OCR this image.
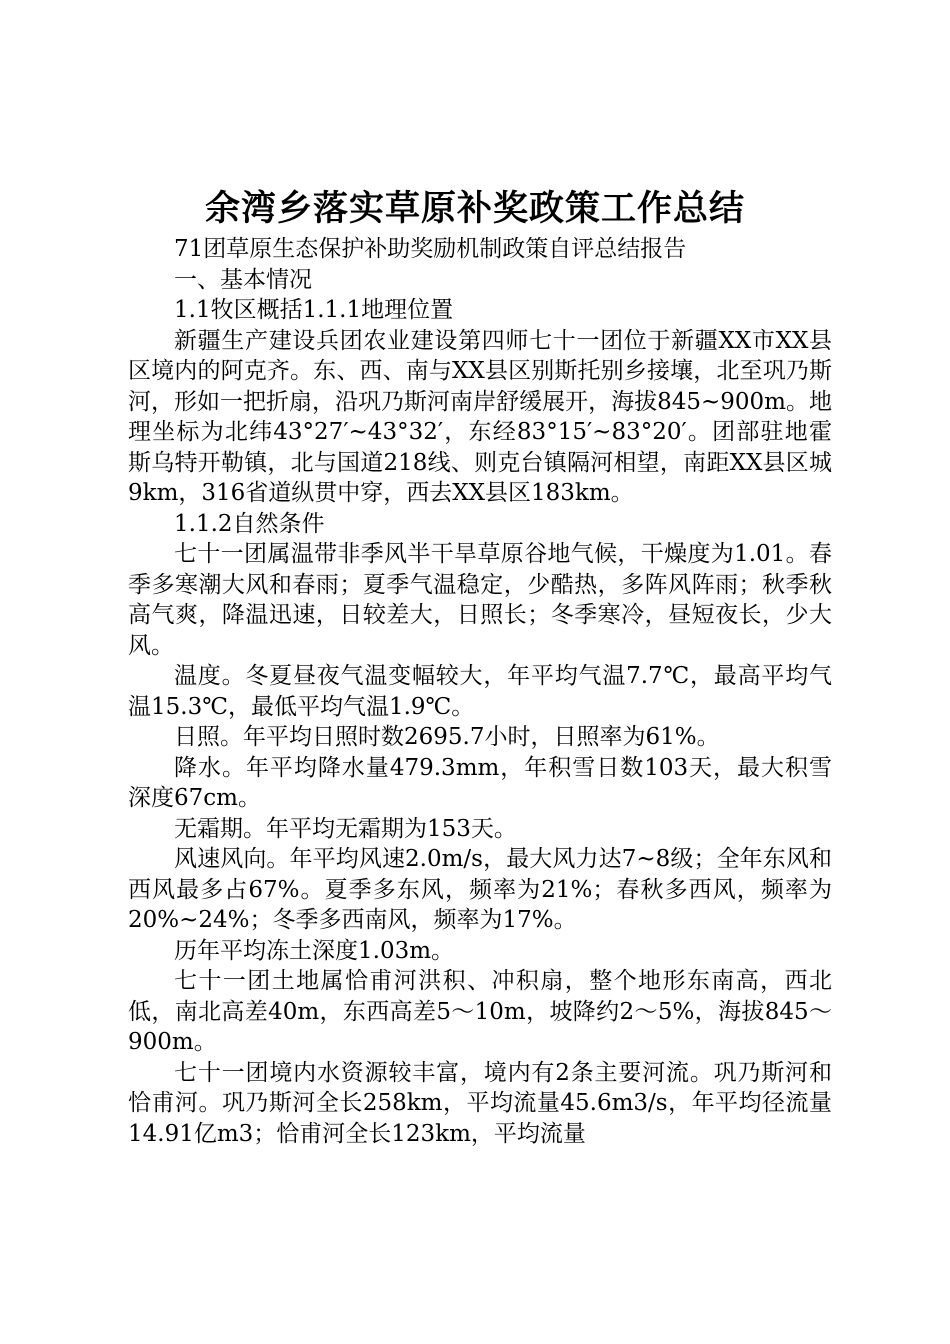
余湾乡落实草原补奖政策工作总结

71团草原生态保护补助奖励机制政策自评总结报告

一、基本情况

1.1牧区概括1.1.1地理位置

新疆生产建设兵团农业建设第四师七十一团位于新疆XX市XX县区境内的阿克齐。东、西、南与XX县区别斯托别乡接壤，北至巩乃斯河，形如一把折扇，沿巩乃斯河南岸舒缓展开，海拔845~900m。地理坐标为北纬43°27′~43°32′，东经83°15′~83°20′。团部驻地霍斯乌特开勒镇，北与国道218线、则克台镇隔河相望，南距XX县区城9km，316省道纵贯中穿，西去XX县区183km。

1.1.2自然条件

七十一团属温带非季风半干旱草原谷地气候，干燥度为1.01。春季多寒潮大风和春雨；夏季气温稳定，少酷热，多阵风阵雨；秋季秋高气爽，降温迅速，日较差大，日照长；冬季寒冷，昼短夜长，少大风。

温度。冬夏昼夜气温变幅较大，年平均气温7.7℃，最高平均气温15.3℃，最低平均气温1.9℃。

日照。年平均日照时数2695.7小时，日照率为61%。

降水。年平均降水量479.3mm，年积雪日数103天，最大积雪深度67cm。

无霜期。年平均无霜期为153天。

风速风向。年平均风速2.0m/s，最大风力达7~8级；全年东风和西风最多占67%。夏季多东风，频率为21%；春秋多西风，频率为20%~24%；冬季多西南风，频率为17%。

历年平均冻土深度1.03m。

七十一团土地属恰甫河洪积、冲积扇，整个地形东南高，西北低，南北高差40m，东西高差5～10m，坡降约2～5%，海拔845～900m。

七十一团境内水资源较丰富，境内有2条主要河流。巩乃斯河和恰甫河。巩乃斯河全长258km，平均流量45.6m3/s，年平均径流量14.91亿m3；恰甫河全长123km，平均流量
